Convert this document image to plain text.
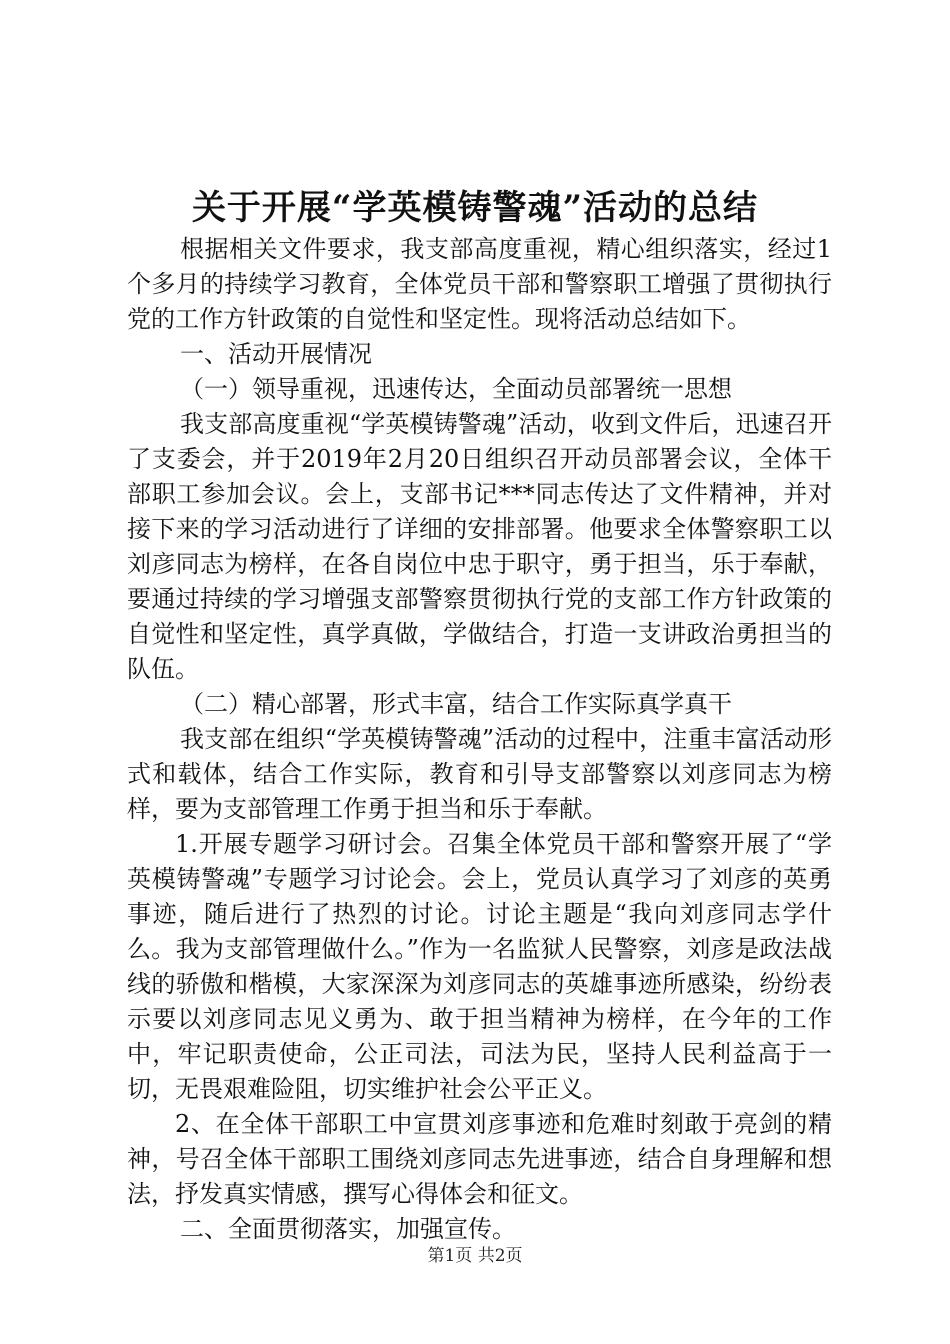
关于开展“学英模铸警魂”活动的总结

根据相关文件要求，我支部高度重视，精心组织落实，经过1个多月的持续学习教育，全体党员干部和警察职工增强了贯彻执行党的工作方针政策的自觉性和坚定性。现将活动总结如下。

一、活动开展情况

（一）领导重视，迅速传达，全面动员部署统一思想

我支部高度重视“学英模铸警魂”活动，收到文件后，迅速召开了支委会，并于2019年2月20日组织召开动员部署会议，全体干部职工参加会议。会上，支部书记***同志传达了文件精神，并对接下来的学习活动进行了详细的安排部署。他要求全体警察职工以刘彦同志为榜样，在各自岗位中忠于职守，勇于担当，乐于奉献，要通过持续的学习增强支部警察贯彻执行党的支部工作方针政策的自觉性和坚定性，真学真做，学做结合，打造一支讲政治勇担当的队伍。

（二）精心部署，形式丰富，结合工作实际真学真干

我支部在组织“学英模铸警魂”活动的过程中，注重丰富活动形式和载体，结合工作实际，教育和引导支部警察以刘彦同志为榜样，要为支部管理工作勇于担当和乐于奉献。

1.开展专题学习研讨会。召集全体党员干部和警察开展了“学英模铸警魂”专题学习讨论会。会上，党员认真学习了刘彦的英勇事迹，随后进行了热烈的讨论。讨论主题是“我向刘彦同志学什么。我为支部管理做什么。”作为一名监狱人民警察，刘彦是政法战线的骄傲和楷模，大家深深为刘彦同志的英雄事迹所感染，纷纷表示要以刘彦同志见义勇为、敢于担当精神为榜样，在今年的工作中，牢记职责使命，公正司法，司法为民，坚持人民利益高于一切，无畏艰难险阻，切实维护社会公平正义。

2、在全体干部职工中宣贯刘彦事迹和危难时刻敢于亮剑的精神，号召全体干部职工围绕刘彦同志先进事迹，结合自身理解和想法，抒发真实情感，撰写心得体会和征文。

二、全面贯彻落实，加强宣传。

第1页 共2页
